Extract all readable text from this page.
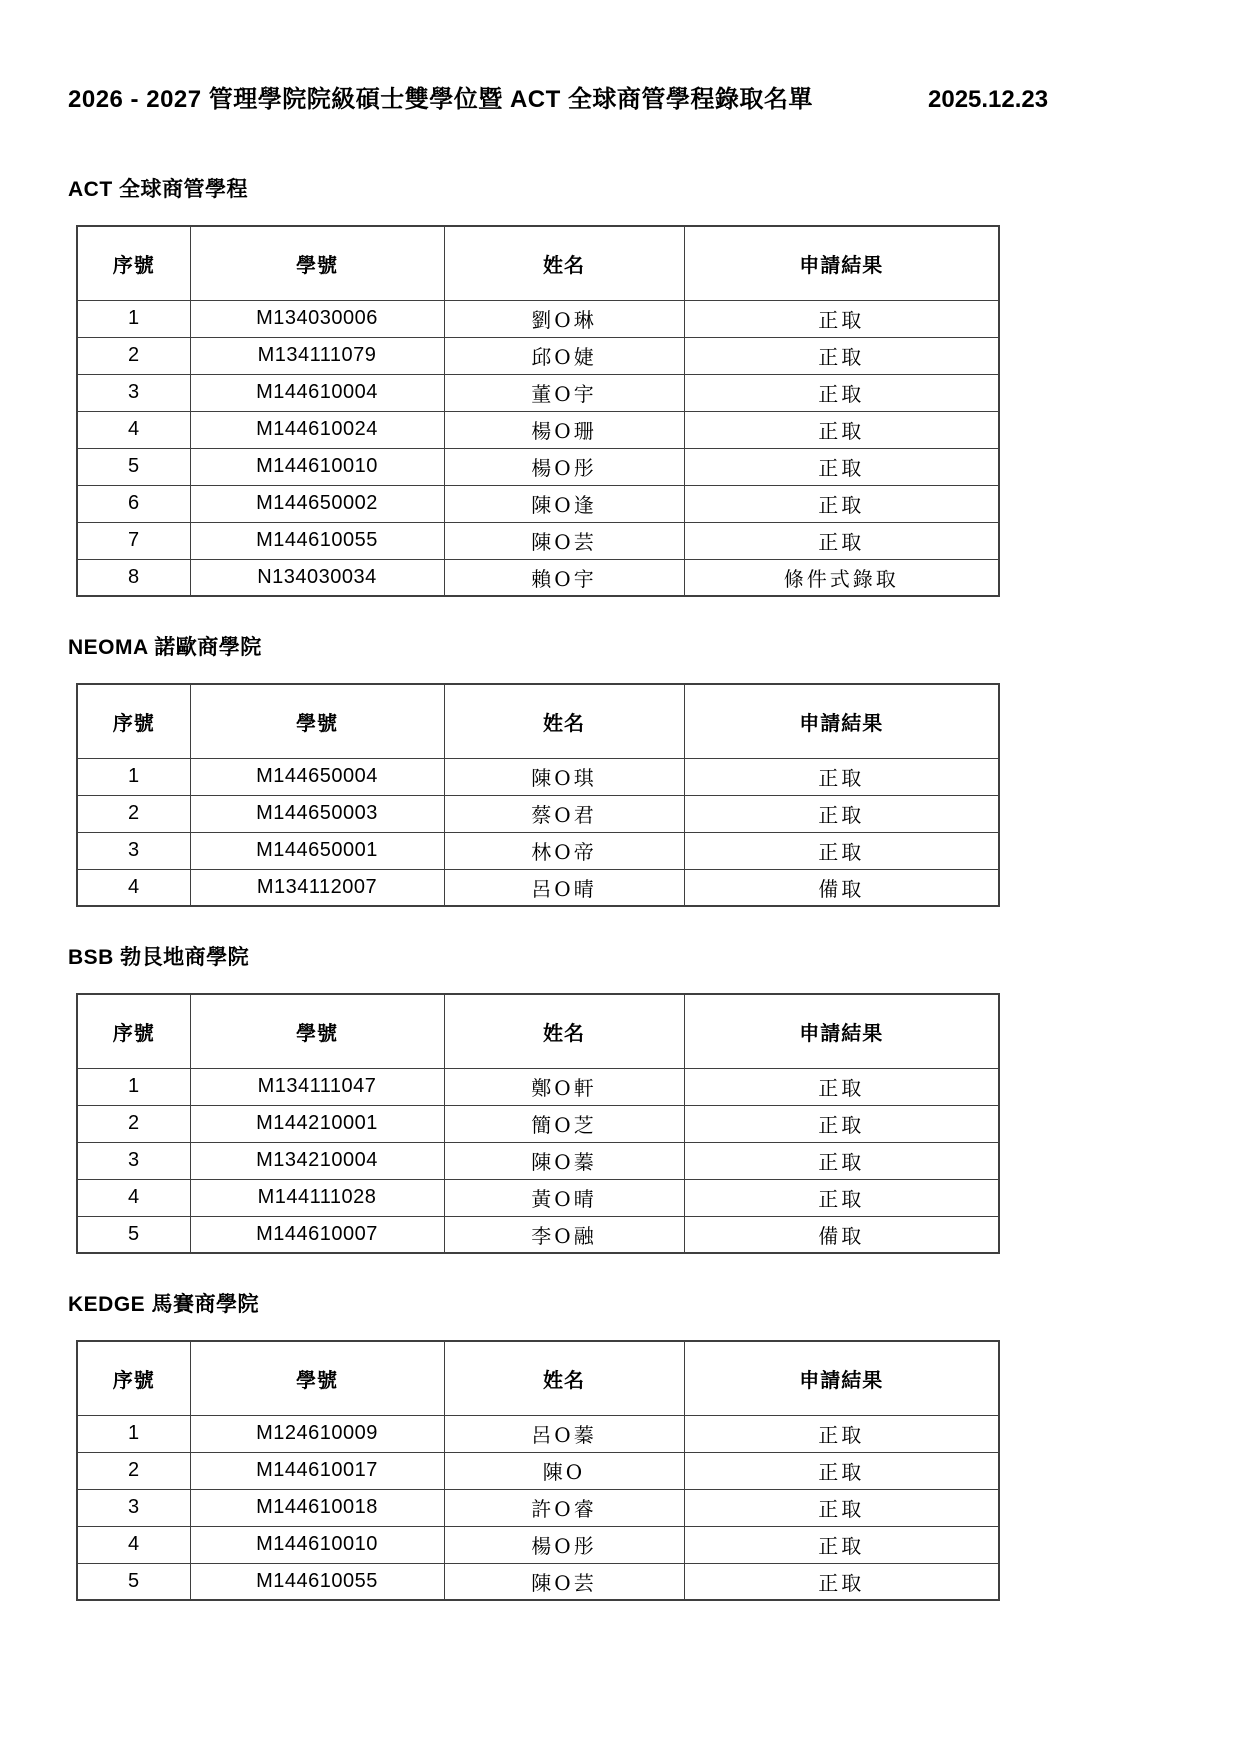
2026 - 2027 管理學院院級碩士雙學位暨 ACT 全球商管學程錄取名單	2025.12.23
ACT 全球商管學程
序號	學號	姓名	申請結果
1	M134030006	劉O琳	正取
2	M134111079	邱O婕	正取
3	M144610004	董O宇	正取
4	M144610024	楊O珊	正取
5	M144610010	楊O彤	正取
6	M144650002	陳O逢	正取
7	M144610055	陳O芸	正取
8	N134030034	賴O宇	條件式錄取
NEOMA 諾歐商學院
序號	學號	姓名	申請結果
1	M144650004	陳O琪	正取
2	M144650003	蔡O君	正取
3	M144650001	林O帝	正取
4	M134112007	呂O晴	備取
BSB 勃艮地商學院
序號	學號	姓名	申請結果
1	M134111047	鄭O軒	正取
2	M144210001	簡O芝	正取
3	M134210004	陳O蓁	正取
4	M144111028	黃O晴	正取
5	M144610007	李O融	備取
KEDGE 馬賽商學院
序號	學號	姓名	申請結果
1	M124610009	呂O蓁	正取
2	M144610017	陳O	正取
3	M144610018	許O睿	正取
4	M144610010	楊O彤	正取
5	M144610055	陳O芸	正取
